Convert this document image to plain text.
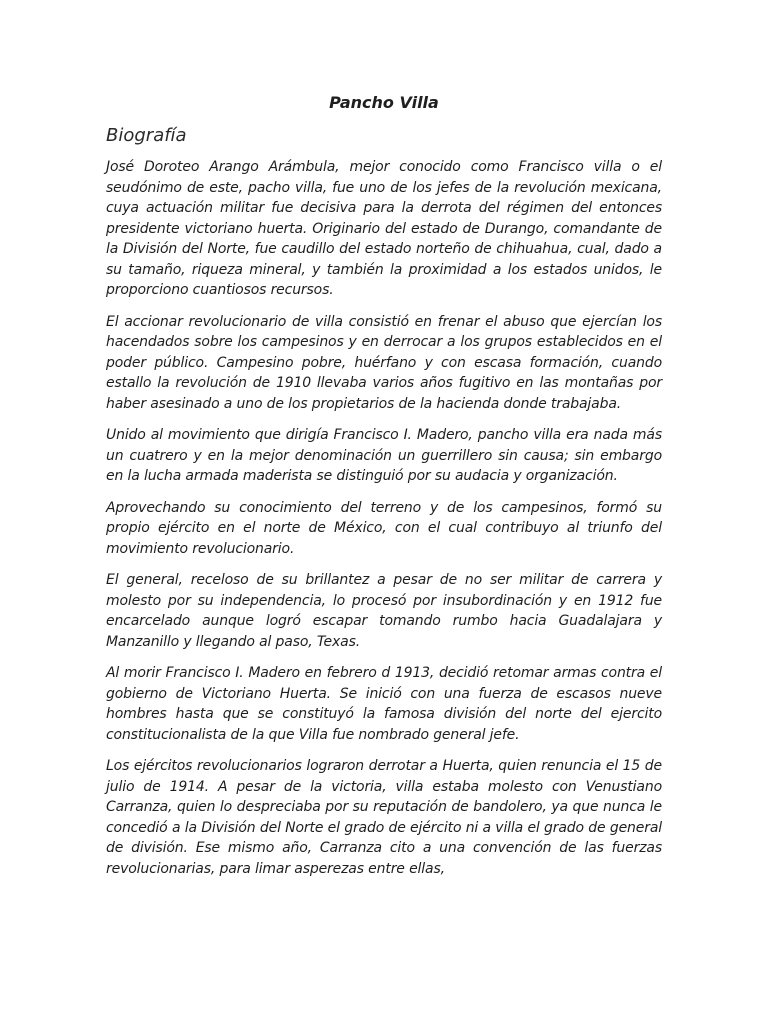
Pancho Villa
Biografía

José Doroteo Arango Arámbula, mejor conocido como Francisco villa o el seudónimo de este, pacho villa, fue uno de los jefes de la revolución mexicana, cuya actuación militar fue decisiva para la derrota del régimen del entonces presidente victoriano huerta. Originario del estado de Durango, comandante de la División del Norte, fue caudillo del estado norteño de chihuahua, cual, dado a su tamaño, riqueza mineral, y también la proximidad a los estados unidos, le proporciono cuantiosos recursos.

El accionar revolucionario de villa consistió en frenar el abuso que ejercían los hacendados sobre los campesinos y en derrocar a los grupos establecidos en el poder público. Campesino pobre, huérfano y con escasa formación, cuando estallo la revolución de 1910 llevaba varios años fugitivo en las montañas por haber asesinado a uno de los propietarios de la hacienda donde trabajaba.

Unido al movimiento que dirigía Francisco I. Madero, pancho villa era nada más un cuatrero y en la mejor denominación un guerrillero sin causa; sin embargo en la lucha armada maderista se distinguió por su audacia y organización.

Aprovechando su conocimiento del terreno y de los campesinos, formó su propio ejército en el norte de México, con el cual contribuyo al triunfo del movimiento revolucionario.

El general, receloso de su brillantez a pesar de no ser militar de carrera y molesto por su independencia, lo procesó por insubordinación y en 1912 fue encarcelado aunque logró escapar tomando rumbo hacia Guadalajara y Manzanillo y llegando al paso, Texas.

Al morir Francisco I. Madero en febrero d 1913, decidió retomar armas contra el gobierno de Victoriano Huerta. Se inició con una fuerza de escasos nueve hombres hasta que se constituyó la famosa división del norte del ejercito constitucionalista de la que Villa fue nombrado general jefe.

Los ejércitos revolucionarios lograron derrotar a Huerta, quien renuncia el 15 de julio de 1914. A pesar de la victoria, villa estaba molesto con Venustiano Carranza, quien lo despreciaba por su reputación de bandolero, ya que nunca le concedió a la División del Norte el grado de ejército ni a villa el grado de general de división. Ese mismo año, Carranza cito a una convención de las fuerzas revolucionarias, para limar asperezas entre ellas,
